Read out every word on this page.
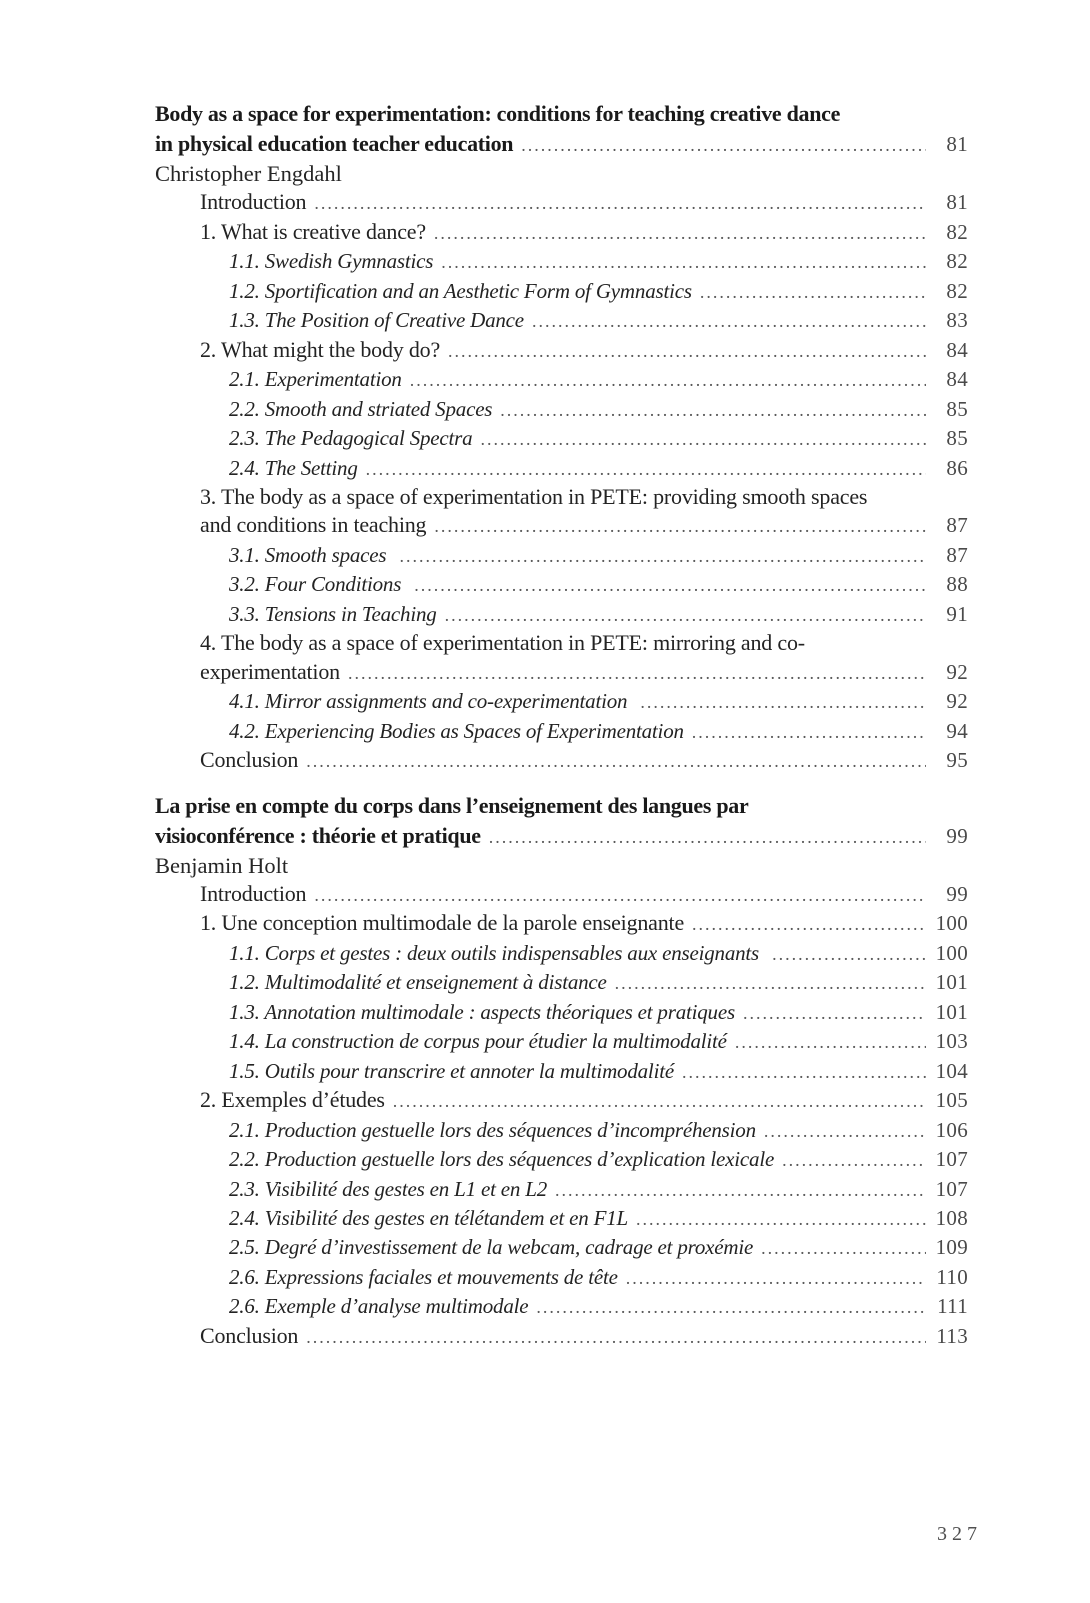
Body as a space for experimentation: conditions for teaching creative dance
in physical education teacher education .....	81
Christopher Engdahl
Introduction .....	81
1. What is creative dance? .....	82
1.1. Swedish Gymnastics .....	82
1.2. Sportification and an Aesthetic Form of Gymnastics .....	82
1.3. The Position of Creative Dance .....	83
2. What might the body do? .....	84
2.1. Experimentation .....	84
2.2. Smooth and striated Spaces .....	85
2.3. The Pedagogical Spectra .....	85
2.4. The Setting .....	86
3. The body as a space of experimentation in PETE: providing smooth spaces
and conditions in teaching .....	87
3.1. Smooth spaces .....	87
3.2. Four Conditions .....	88
3.3. Tensions in Teaching .....	91
4. The body as a space of experimentation in PETE: mirroring and co-
experimentation .....	92
4.1. Mirror assignments and co-experimentation .....	92
4.2. Experiencing Bodies as Spaces of Experimentation .....	94
Conclusion .....	95
La prise en compte du corps dans l’enseignement des langues par
visioconférence : théorie et pratique .....	99
Benjamin Holt
Introduction .....	99
1. Une conception multimodale de la parole enseignante .....	100
1.1. Corps et gestes : deux outils indispensables aux enseignants .....	100
1.2. Multimodalité et enseignement à distance .....	101
1.3. Annotation multimodale : aspects théoriques et pratiques .....	101
1.4. La construction de corpus pour étudier la multimodalité .....	103
1.5. Outils pour transcrire et annoter la multimodalité .....	104
2. Exemples d’études .....	105
2.1. Production gestuelle lors des séquences d’incompréhension .....	106
2.2. Production gestuelle lors des séquences d’explication lexicale .....	107
2.3. Visibilité des gestes en L1 et en L2 .....	107
2.4. Visibilité des gestes en télétandem et en F1L .....	108
2.5. Degré d’investissement de la webcam, cadrage et proxémie .....	109
2.6. Expressions faciales et mouvements de tête .....	110
2.6. Exemple d’analyse multimodale .....	111
Conclusion .....	113
327
